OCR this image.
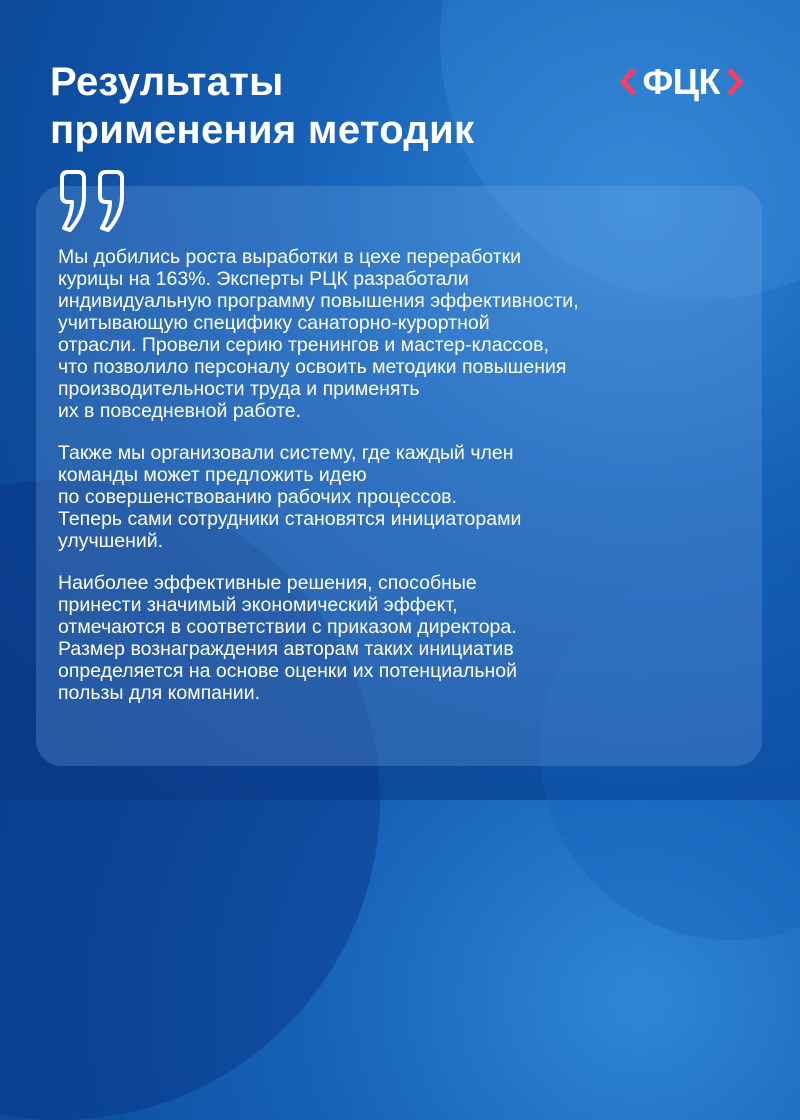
Результаты
применения методик
ФЦК

Мы добились роста выработки в цехе переработки
курицы на 163%. Эксперты РЦК разработали
индивидуальную программу повышения эффективности,
учитывающую специфику санаторно-курортной
отрасли. Провели серию тренингов и мастер-классов,
что позволило персоналу освоить методики повышения
производительности труда и применять
их в повседневной работе.

Также мы организовали систему, где каждый член
команды может предложить идею
по совершенствованию рабочих процессов.
Теперь сами сотрудники становятся инициаторами
улучшений.

Наиболее эффективные решения, способные
принести значимый экономический эффект,
отмечаются в соответствии с приказом директора.
Размер вознаграждения авторам таких инициатив
определяется на основе оценки их потенциальной
пользы для компании.
